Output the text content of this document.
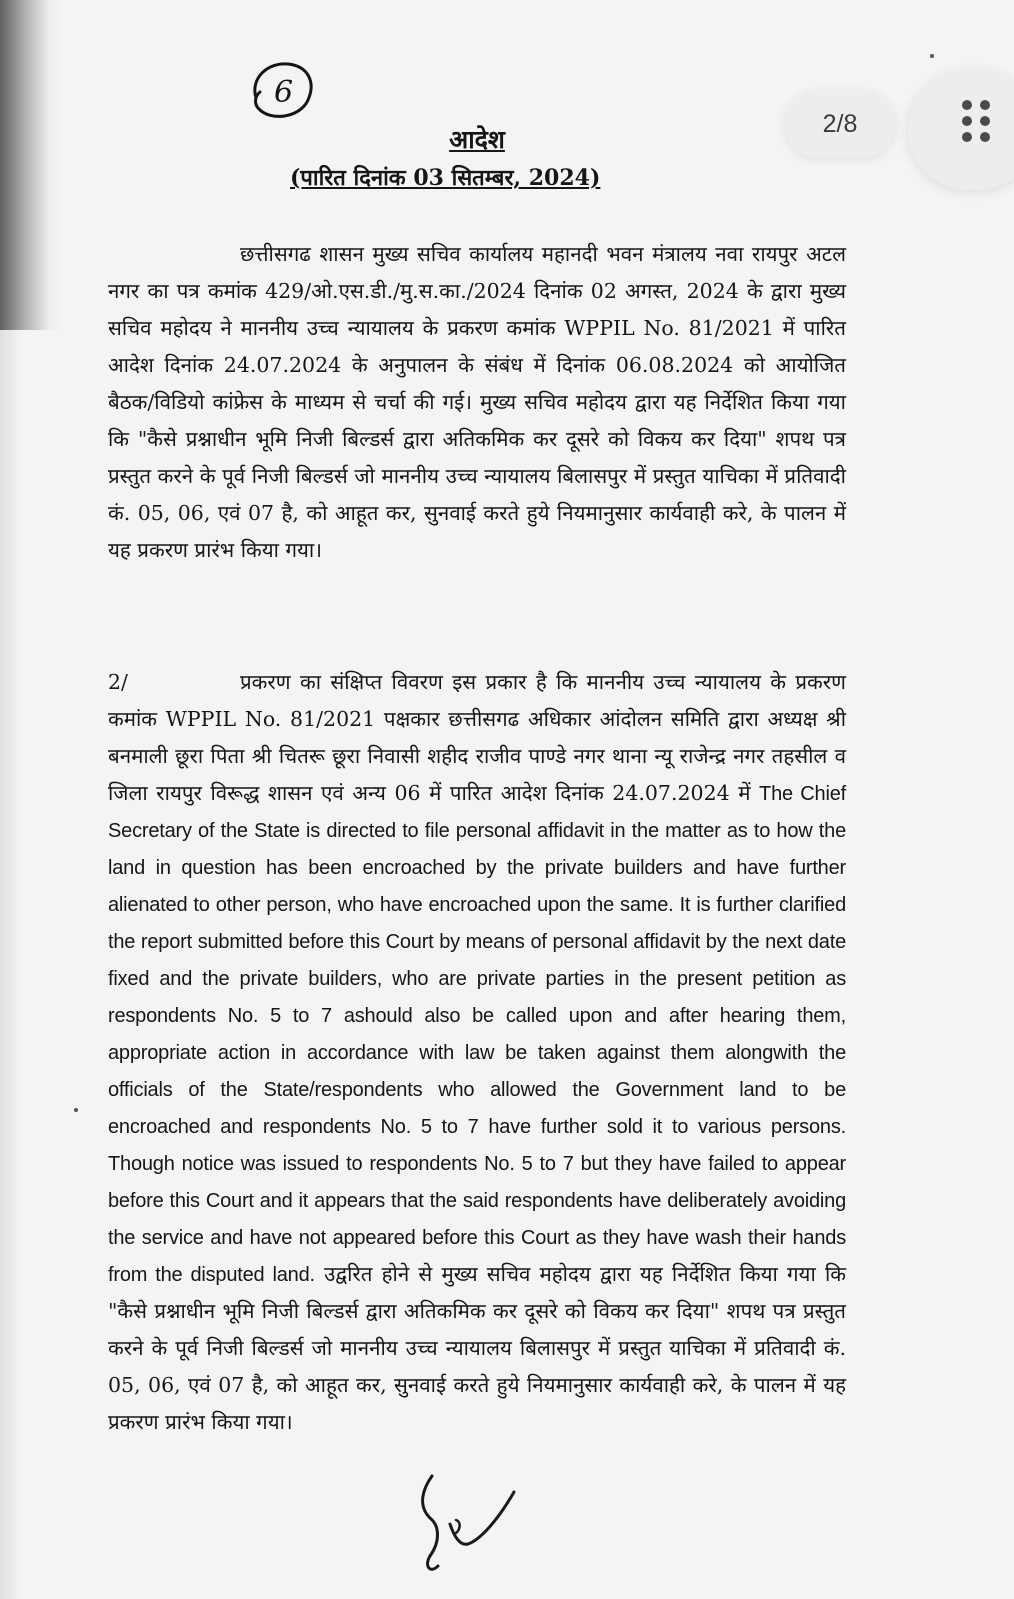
6
2/8
आदेश
(पारित दिनांक 03 सितम्बर, 2024)

छत्तीसगढ शासन मुख्य सचिव कार्यालय महानदी भवन मंत्रालय नवा रायपुर अटल नगर का पत्र कमांक 429/ओ.एस.डी./मु.स.का./2024 दिनांक 02 अगस्त, 2024 के द्वारा मुख्य सचिव महोदय ने माननीय उच्च न्यायालय के प्रकरण कमांक WPPIL No. 81/2021 में पारित आदेश दिनांक 24.07.2024 के अनुपालन के संबंध में दिनांक 06.08.2024 को आयोजित बैठक/विडियो कांफ्रेस के माध्यम से चर्चा की गई। मुख्य सचिव महोदय द्वारा यह निर्देशित किया गया कि "कैसे प्रश्नाधीन भूमि निजी बिल्डर्स द्वारा अतिकमिक कर दूसरे को विकय कर दिया" शपथ पत्र प्रस्तुत करने के पूर्व निजी बिल्डर्स जो माननीय उच्च न्यायालय बिलासपुर में प्रस्तुत याचिका में प्रतिवादी कं. 05, 06, एवं 07 है, को आहूत कर, सुनवाई करते हुये नियमानुसार कार्यवाही करे, के पालन में यह प्रकरण प्रारंभ किया गया।

2/	प्रकरण का संक्षिप्त विवरण इस प्रकार है कि माननीय उच्च न्यायालय के प्रकरण कमांक WPPIL No. 81/2021 पक्षकार छत्तीसगढ अधिकार आंदोलन समिति द्वारा अध्यक्ष श्री बनमाली छूरा पिता श्री चितरू छूरा निवासी शहीद राजीव पाण्डे नगर थाना न्यू राजेन्द्र नगर तहसील व जिला रायपुर विरूद्ध शासन एवं अन्य 06 में पारित आदेश दिनांक 24.07.2024 में The Chief Secretary of the State is directed to file personal affidavit in the matter as to how the land in question has been encroached by the private builders and have further alienated to other person, who have encroached upon the same. It is further clarified the report submitted before this Court by means of personal affidavit by the next date fixed and the private builders, who are private parties in the present petition as respondents No. 5 to 7 ashould also be called upon and after hearing them, appropriate action in accordance with law be taken against them alongwith the officials of the State/respondents who allowed the Government land to be encroached and respondents No. 5 to 7 have further sold it to various persons. Though notice was issued to respondents No. 5 to 7 but they have failed to appear before this Court and it appears that the said respondents have deliberately avoiding the service and have not appeared before this Court as they have wash their hands from the disputed land. उद्वरित होने से मुख्य सचिव महोदय द्वारा यह निर्देशित किया गया कि "कैसे प्रश्नाधीन भूमि निजी बिल्डर्स द्वारा अतिकमिक कर दूसरे को विकय कर दिया" शपथ पत्र प्रस्तुत करने के पूर्व निजी बिल्डर्स जो माननीय उच्च न्यायालय बिलासपुर में प्रस्तुत याचिका में प्रतिवादी कं. 05, 06, एवं 07 है, को आहूत कर, सुनवाई करते हुये नियमानुसार कार्यवाही करे, के पालन में यह प्रकरण प्रारंभ किया गया।
